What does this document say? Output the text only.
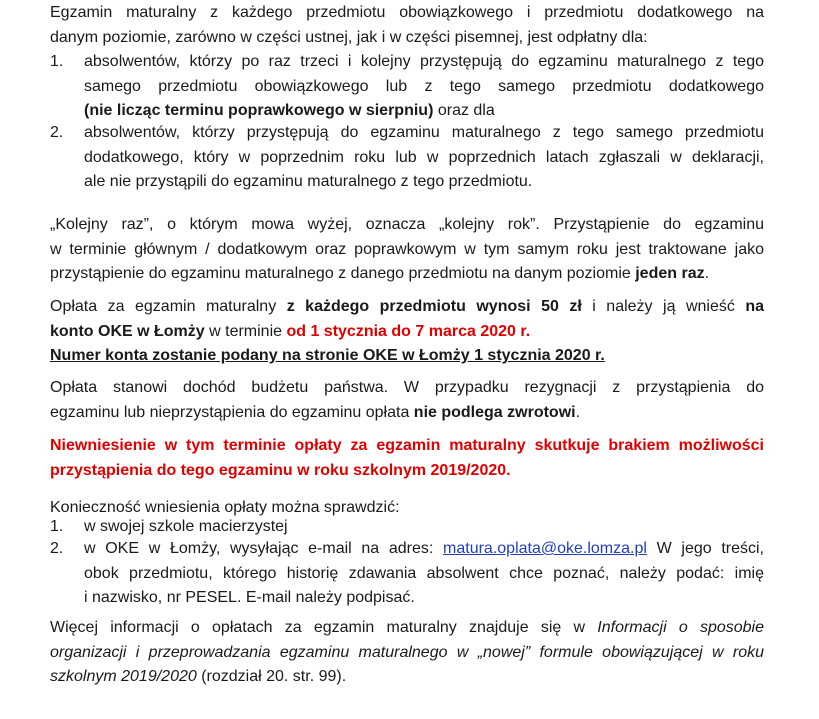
Egzamin maturalny z każdego przedmiotu obowiązkowego i przedmiotu dodatkowego na
danym poziomie, zarówno w części ustnej, jak i w części pisemnej, jest odpłatny dla:
1. absolwentów, którzy po raz trzeci i kolejny przystępują do egzaminu maturalnego z tego
samego przedmiotu obowiązkowego lub z tego samego przedmiotu dodatkowego
(nie licząc terminu poprawkowego w sierpniu) oraz dla
2. absolwentów, którzy przystępują do egzaminu maturalnego z tego samego przedmiotu
dodatkowego, który w poprzednim roku lub w poprzednich latach zgłaszali w deklaracji,
ale nie przystąpili do egzaminu maturalnego z tego przedmiotu.
„Kolejny raz”, o którym mowa wyżej, oznacza „kolejny rok”. Przystąpienie do egzaminu
w terminie głównym / dodatkowym oraz poprawkowym w tym samym roku jest traktowane jako
przystąpienie do egzaminu maturalnego z danego przedmiotu na danym poziomie jeden raz.
Opłata za egzamin maturalny z każdego przedmiotu wynosi 50 zł i należy ją wnieść na
konto OKE w Łomży w terminie od 1 stycznia do 7 marca 2020 r.
Numer konta zostanie podany na stronie OKE w Łomży 1 stycznia 2020 r.
Opłata stanowi dochód budżetu państwa. W przypadku rezygnacji z przystąpienia do
egzaminu lub nieprzystąpienia do egzaminu opłata nie podlega zwrotowi.
Niewniesienie w tym terminie opłaty za egzamin maturalny skutkuje brakiem możliwości
przystąpienia do tego egzaminu w roku szkolnym 2019/2020.
Konieczność wniesienia opłaty można sprawdzić:
1. w swojej szkole macierzystej
2. w OKE w Łomży, wysyłając e-mail na adres: matura.oplata@oke.lomza.pl W jego treści,
obok przedmiotu, którego historię zdawania absolwent chce poznać, należy podać: imię
i nazwisko, nr PESEL. E-mail należy podpisać.
Więcej informacji o opłatach za egzamin maturalny znajduje się w Informacji o sposobie
organizacji i przeprowadzania egzaminu maturalnego w „nowej” formule obowiązującej w roku
szkolnym 2019/2020 (rozdział 20. str. 99).
